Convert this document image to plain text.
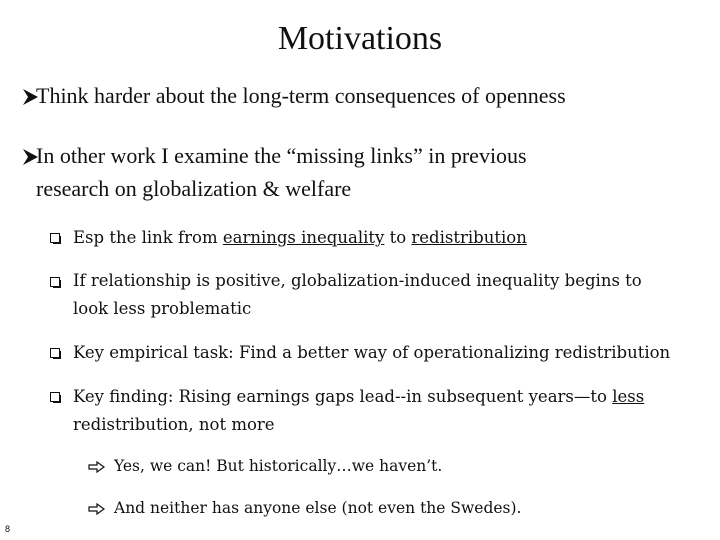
Motivations
Think harder about the long-term consequences of openness
In other work I examine the “missing links” in previous
research on globalization & welfare
Esp the link from earnings inequality to redistribution
If relationship is positive, globalization-induced inequality begins to
look less problematic
Key empirical task: Find a better way of operationalizing redistribution
Key finding: Rising earnings gaps lead--in subsequent years—to less
redistribution, not more
Yes, we can! But historically…we haven’t.
And neither has anyone else (not even the Swedes).
8
